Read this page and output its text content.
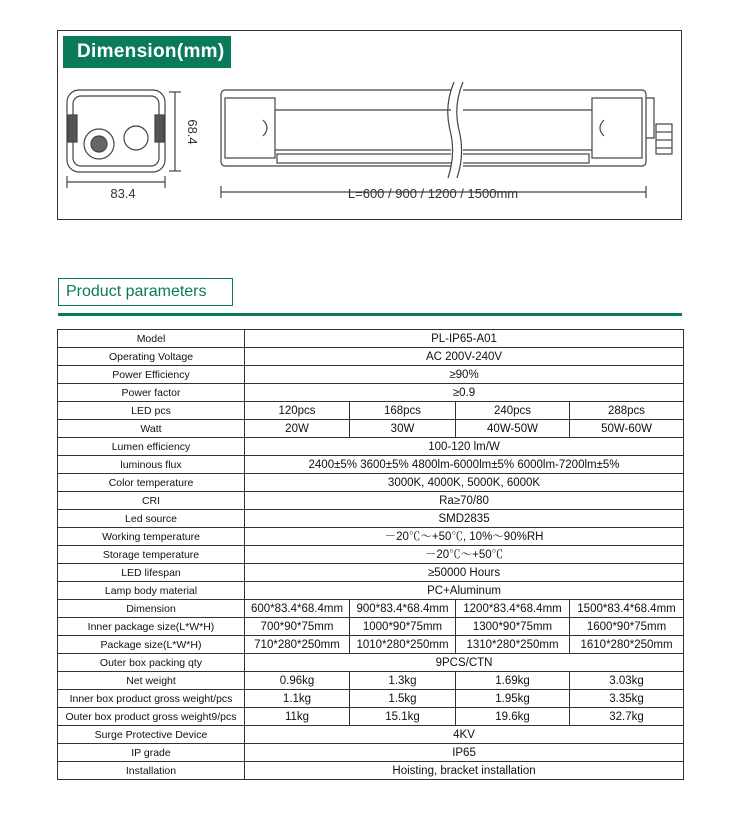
Dimension(mm)
83.4
68.4
L=600 / 900 / 1200 / 1500mm
Product parameters
Model	PL-IP65-A01			
Operating Voltage	AC 200V-240V			
Power Efficiency	≥90%			
Power factor	≥0.9			
LED pcs	120pcs	168pcs	240pcs	288pcs
Watt	20W	30W	40W-50W	50W-60W
Lumen efficiency	100-120 lm/W			
luminous flux	2400±5% 3600±5% 4800lm-6000lm±5% 6000lm-7200lm±5%			
Color temperature	3000K, 4000K, 5000K, 6000K			
CRI	Ra≥70/80			
Led source	SMD2835			
Working temperature	－20℃～+50℃, 10%～90%RH			
Storage temperature	－20℃～+50℃			
LED lifespan	≥50000 Hours			
Lamp body material	PC+Aluminum			
Dimension	600*83.4*68.4mm	900*83.4*68.4mm	1200*83.4*68.4mm	1500*83.4*68.4mm
Inner package size(L*W*H)	700*90*75mm	1000*90*75mm	1300*90*75mm	1600*90*75mm
Package size(L*W*H)	710*280*250mm	1010*280*250mm	1310*280*250mm	1610*280*250mm
Outer box packing qty	9PCS/CTN			
Net weight	0.96kg	1.3kg	1.69kg	3.03kg
Inner box product gross weight/pcs	1.1kg	1.5kg	1.95kg	3.35kg
Outer box product gross weight9/pcs	11kg	15.1kg	19.6kg	32.7kg
Surge Protective Device	4KV			
IP grade	IP65			
Installation	Hoisting, bracket installation			
